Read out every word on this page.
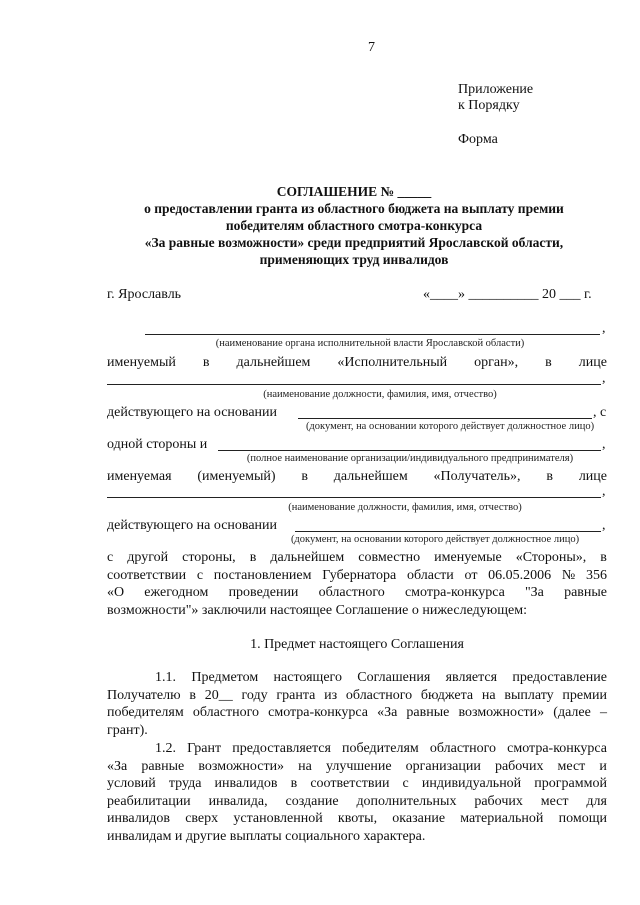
7
Приложение
к Порядку
Форма
СОГЛАШЕНИЕ № _____
о предоставлении гранта из областного бюджета на выплату премии
победителям областного смотра-конкурса
«За равные возможности» среди предприятий Ярославской области,
применяющих труд инвалидов
г. Ярославль	«____» __________ 20 ___ г.
,
(наименование органа исполнительной власти Ярославской области)
именуемый в дальнейшем «Исполнительный орган», в лице
,
(наименование должности, фамилия, имя, отчество)
действующего на основании	, с
(документ, на основании которого действует должностное лицо)
одной стороны и	,
(полное наименование организации/индивидуального предпринимателя)
именуемая (именуемый) в дальнейшем «Получатель», в лице
,
(наименование должности, фамилия, имя, отчество)
действующего на основании	,
(документ, на основании которого действует должностное лицо)
с другой стороны, в дальнейшем совместно именуемые «Стороны», в
соответствии с постановлением Губернатора области от 06.05.2006 № 356
«О ежегодном проведении областного смотра-конкурса "За равные
возможности"» заключили настоящее Соглашение о нижеследующем:
1. Предмет настоящего Соглашения
1.1. Предметом настоящего Соглашения является предоставление
Получателю в 20__ году гранта из областного бюджета на выплату премии
победителям областного смотра-конкурса «За равные возможности» (далее –
грант).
1.2. Грант предоставляется победителям областного смотра-конкурса
«За равные возможности» на улучшение организации рабочих мест и
условий труда инвалидов в соответствии с индивидуальной программой
реабилитации инвалида, создание дополнительных рабочих мест для
инвалидов сверх установленной квоты, оказание материальной помощи
инвалидам и другие выплаты социального характера.
